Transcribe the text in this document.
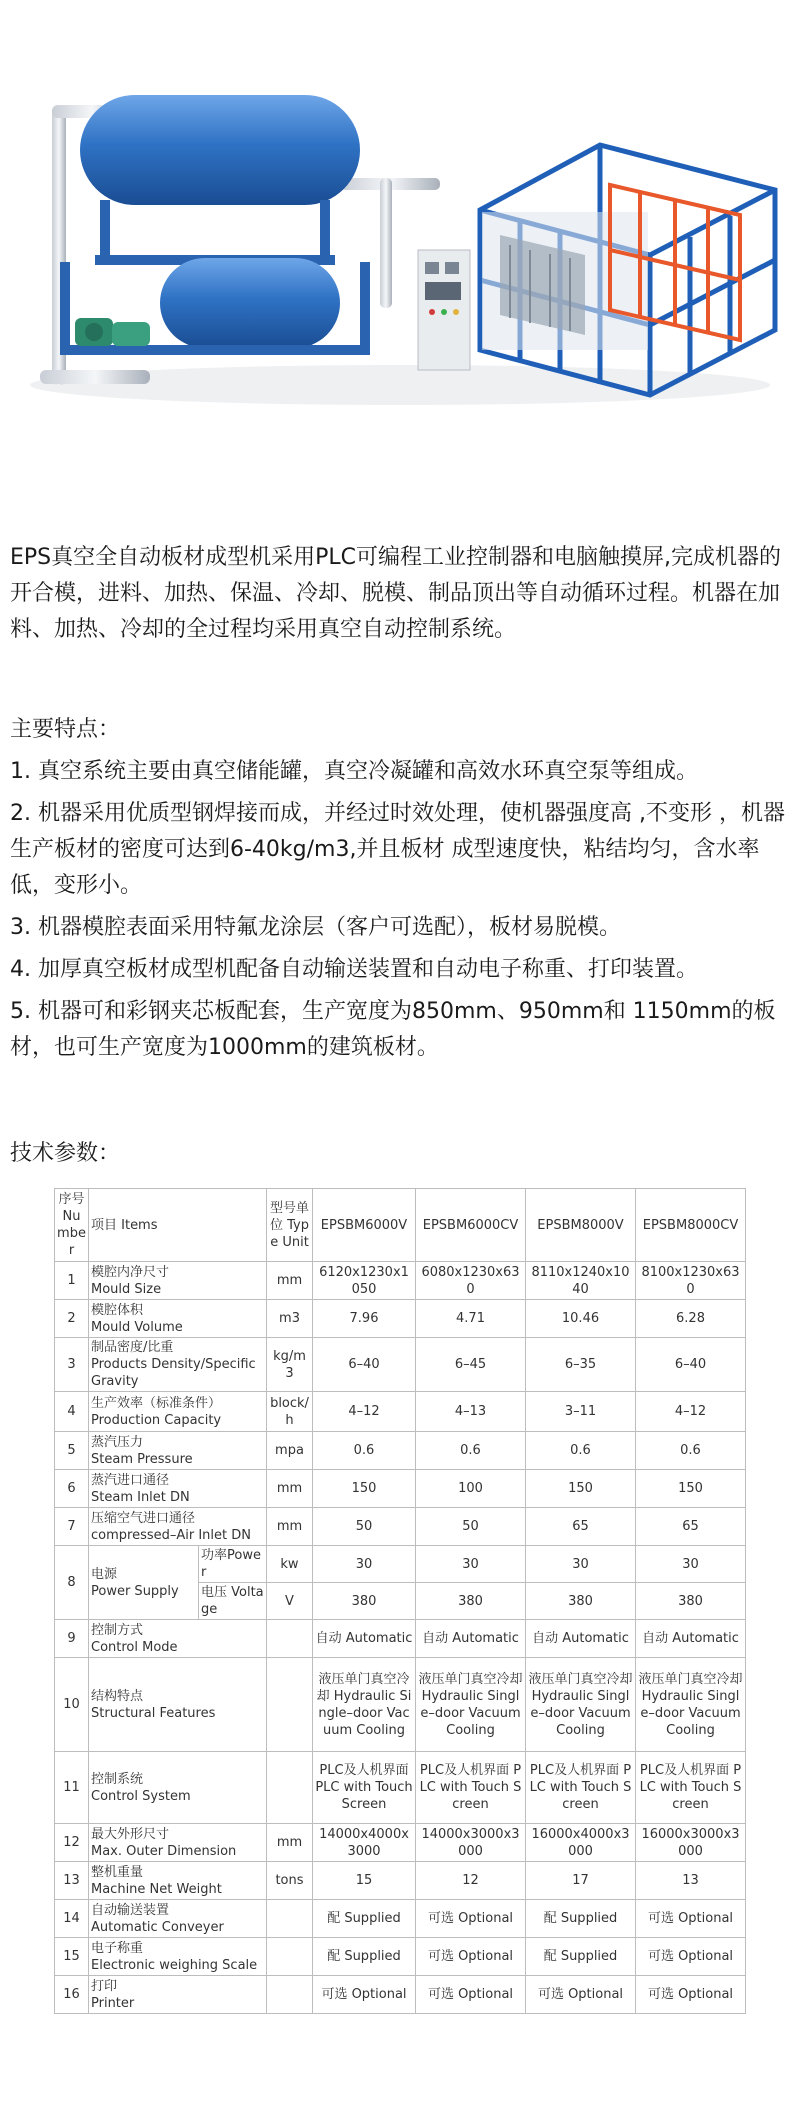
EPS真空全自动板材成型机采用PLC可编程工业控制器和电脑触摸屏,完成机器的开合模，进料、加热、保温、冷却、脱模、制品顶出等自动循环过程。机器在加料、加热、冷却的全过程均采用真空自动控制系统。

主要特点：

1. 真空系统主要由真空储能罐，真空冷凝罐和高效水环真空泵等组成。

2. 机器采用优质型钢焊接而成，并经过时效处理，使机器强度高 ,不变形 ，机器生产板材的密度可达到6-40kg/m3,并且板材 成型速度快，粘结均匀，含水率低，变形小。

3. 机器模腔表面采用特氟龙涂层（客户可选配），板材易脱模。

4. 加厚真空板材成型机配备自动输送装置和自动电子称重、打印装置。

5. 机器可和彩钢夹芯板配套，生产宽度为850mm、950mm和 1150mm的板材，也可生产宽度为1000mm的建筑板材。

技术参数：

序号 Number	项目 Items		型号单位 Type Unit	EPSBM6000V	EPSBM6000CV	EPSBM8000V	EPSBM8000CV
1	模腔内净尺寸
Mould Size		mm	6120x1230x1050	6080x1230x630	8110x1240x1040	8100x1230x630
2	模腔体积
Mould Volume		m3	7.96	4.71	10.46	6.28
3	制品密度/比重
Products Density/Specific Gravity		kg/m3	6–40	6–45	6–35	6–40
4	生产效率（标准条件）
Production Capacity		block/h	4–12	4–13	3–11	4–12
5	蒸汽压力
Steam Pressure		mpa	0.6	0.6	0.6	0.6
6	蒸汽进口通径
Steam Inlet DN		mm	150	100	150	150
7	压缩空气进口通径
compressed–Air Inlet DN		mm	50	50	65	65
8	电源
Power Supply	功率Power	kw	30	30	30	30
		电压 Voltage	V	380	380	380	380
9	控制方式
Control Mode			自动 Automatic	自动 Automatic	自动 Automatic	自动 Automatic
10	结构特点
Structural Features			液压单门真空冷却 Hydraulic Single–door Vacuum Cooling	液压单门真空冷却 Hydraulic Single–door Vacuum Cooling	液压单门真空冷却 Hydraulic Single–door Vacuum Cooling	液压单门真空冷却 Hydraulic Single–door Vacuum Cooling
11	控制系统
Control System			PLC及人机界面 PLC with Touch Screen	PLC及人机界面 PLC with Touch Screen	PLC及人机界面 PLC with Touch Screen	PLC及人机界面 PLC with Touch Screen
12	最大外形尺寸
Max. Outer Dimension		mm	14000x4000x3000	14000x3000x3000	16000x4000x3000	16000x3000x3000
13	整机重量
Machine Net Weight		tons	15	12	17	13
14	自动输送装置
Automatic Conveyer			配 Supplied	可选 Optional	配 Supplied	可选 Optional
15	电子称重
Electronic weighing Scale			配 Supplied	可选 Optional	配 Supplied	可选 Optional
16	打印
Printer			可选 Optional	可选 Optional	可选 Optional	可选 Optional
